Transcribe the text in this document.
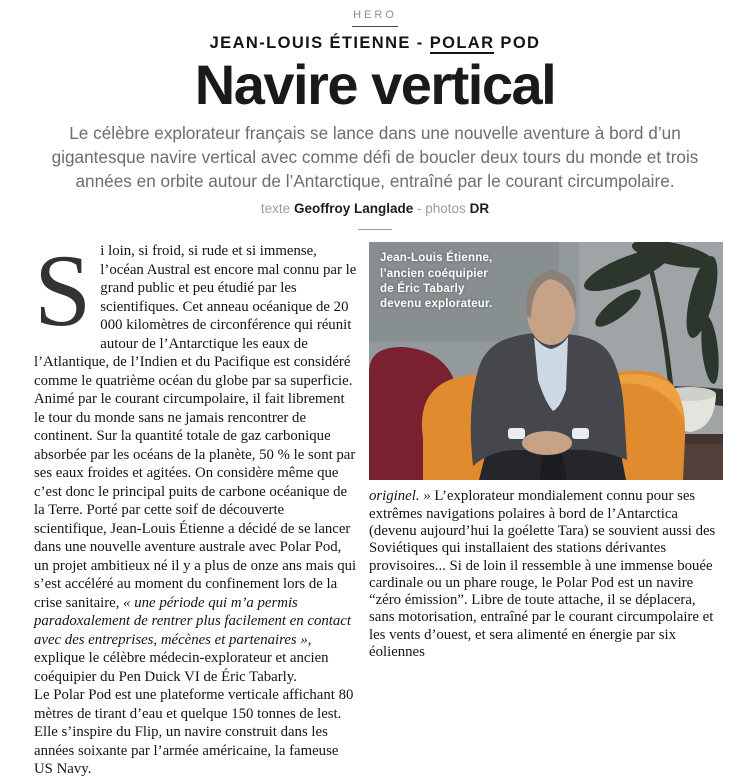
HERO
JEAN-LOUIS ÉTIENNE - POLAR POD
Navire vertical
Le célèbre explorateur français se lance dans une nouvelle aventure à bord d’un gigantesque navire vertical avec comme défi de boucler deux tours du monde et trois années en orbite autour de l’Antarctique, entraîné par le courant circumpolaire.
texte Geoffroy Langlade - photos DR
Si loin, si froid, si rude et si immense, l’océan Austral est encore mal connu par le grand public et peu étudié par les scientifiques. Cet anneau océanique de 20 000 kilomètres de circonférence qui réunit autour de l’Antarctique les eaux de l’Atlantique, de l’Indien et du Pacifique est considéré comme le quatrième océan du globe par sa superficie. Animé par le courant circumpolaire, il fait librement le tour du monde sans ne jamais rencontrer de continent. Sur la quantité totale de gaz carbonique absorbée par les océans de la planète, 50 % le sont par ses eaux froides et agitées. On considère même que c’est donc le principal puits de carbone océanique de la Terre. Porté par cette soif de découverte scientifique, Jean-Louis Étienne a décidé de se lancer dans une nouvelle aventure australe avec Polar Pod, un projet ambitieux né il y a plus de onze ans mais qui s’est accéléré au moment du confinement lors de la crise sanitaire, « une période qui m’a permis paradoxalement de rentrer plus facilement en contact avec des entreprises, mécènes et partenaires », explique le célèbre médecin-explorateur et ancien coéquipier du Pen Duick VI de Éric Tabarly.
Le Polar Pod est une plateforme verticale affichant 80 mètres de tirant d’eau et quelque 150 tonnes de lest. Elle s’inspire du Flip, un navire construit dans les années soixante par l’armée américaine, la fameuse US Navy.
Jean-Louis Étienne,
l’ancien coéquipier
de Éric Tabarly
devenu explorateur.
originel. » L’explorateur mondialement connu pour ses extrêmes navigations polaires à bord de l’Antarctica (devenu aujourd’hui la goélette Tara) se souvient aussi des Soviétiques qui installaient des stations dérivantes provisoires... Si de loin il ressemble à une immense bouée cardinale ou un phare rouge, le Polar Pod est un navire “zéro émission”. Libre de toute attache, il se déplacera, sans motorisation, entraîné par le courant circumpolaire et les vents d’ouest, et sera alimenté en énergie par six éoliennes
